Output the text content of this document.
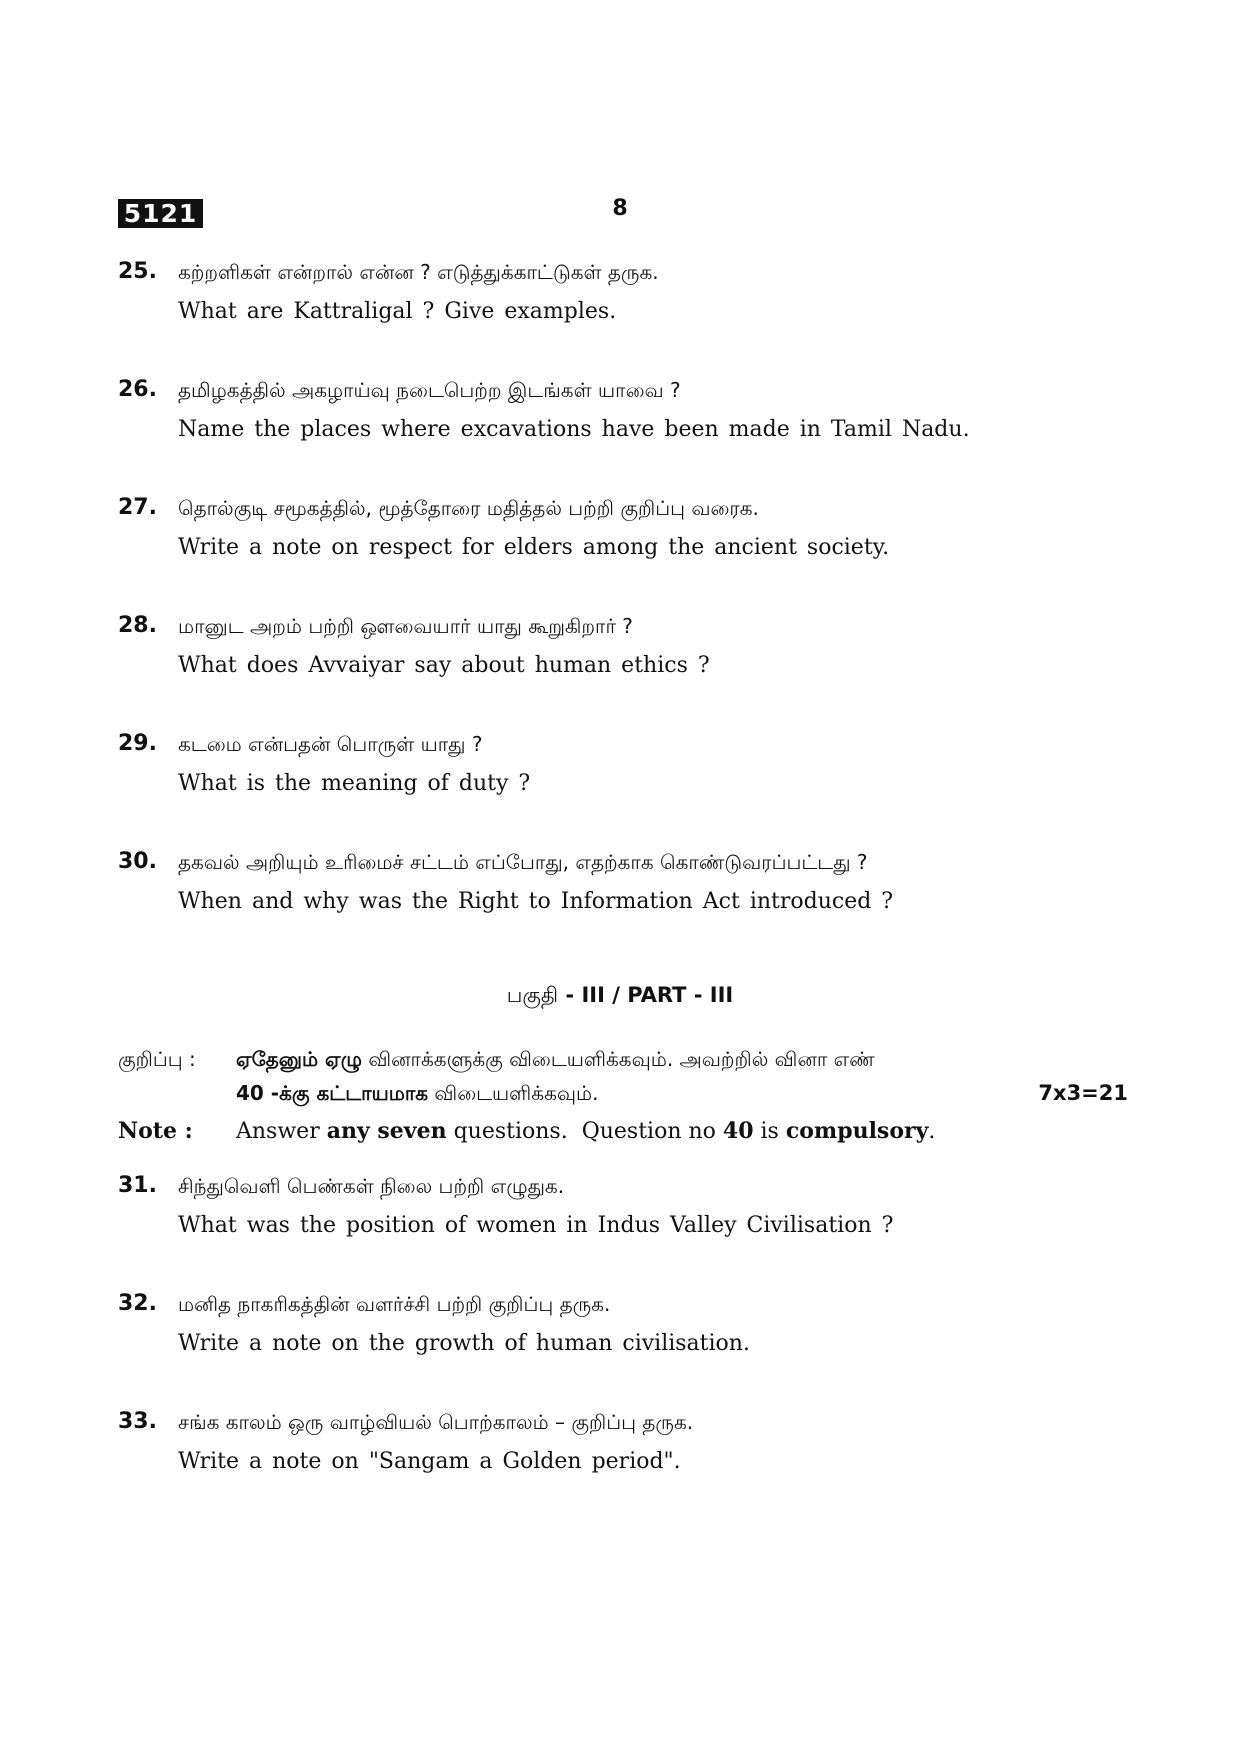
5121	8
25. கற்றளிகள் என்றால் என்ன ? எடுத்துக்காட்டுகள் தருக.
What are Kattraligal ? Give examples.
26. தமிழகத்தில் அகழாய்வு நடைபெற்ற இடங்கள் யாவை ?
Name the places where excavations have been made in Tamil Nadu.
27. தொல்குடி சமூகத்தில், மூத்தோரை மதித்தல் பற்றி குறிப்பு வரைக.
Write a note on respect for elders among the ancient society.
28. மானுட அறம் பற்றி ஔவையார் யாது கூறுகிறார் ?
What does Avvaiyar say about human ethics ?
29. கடமை என்பதன் பொருள் யாது ?
What is the meaning of duty ?
30. தகவல் அறியும் உரிமைச் சட்டம் எப்போது, எதற்காக கொண்டுவரப்பட்டது ?
When and why was the Right to Information Act introduced ?
பகுதி - III / PART - III
குறிப்பு : ஏதேனும் ஏழு வினாக்களுக்கு விடையளிக்கவும். அவற்றில் வினா எண்
40 -க்கு கட்டாயமாக விடையளிக்கவும்.	7x3=21
Note : Answer any seven questions.  Question no 40 is compulsory.
31. சிந்துவெளி பெண்கள் நிலை பற்றி எழுதுக.
What was the position of women in Indus Valley Civilisation ?
32. மனித நாகரிகத்தின் வளர்ச்சி பற்றி குறிப்பு தருக.
Write a note on the growth of human civilisation.
33. சங்க காலம் ஒரு வாழ்வியல் பொற்காலம் – குறிப்பு தருக.
Write a note on "Sangam a Golden period".
